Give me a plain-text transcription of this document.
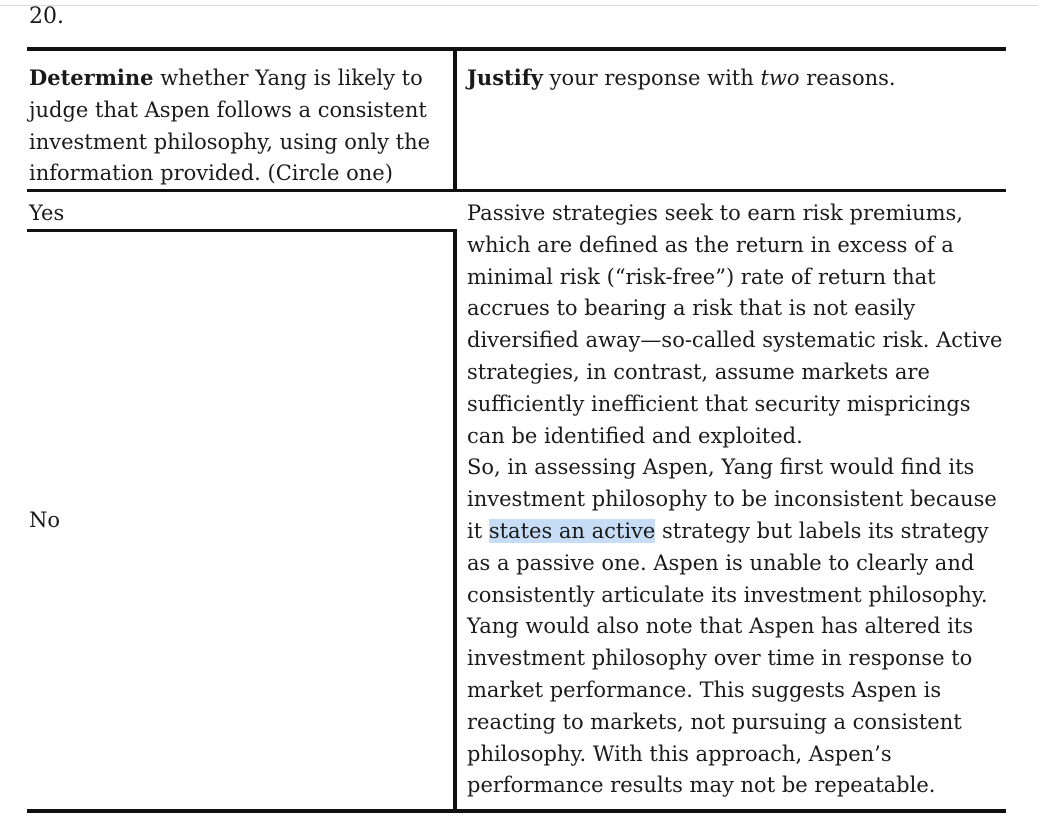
20.
Determine whether Yang is likely to judge that Aspen follows a consistent investment philosophy, using only the information provided. (Circle one)
Justify your response with two reasons.
Yes
No
Passive strategies seek to earn risk premiums, which are defined as the return in excess of a minimal risk (“risk-free”) rate of return that accrues to bearing a risk that is not easily diversified away—so-called systematic risk. Active strategies, in contrast, assume markets are sufficiently inefficient that security mispricings can be identified and exploited.
So, in assessing Aspen, Yang first would find its investment philosophy to be inconsistent because it states an active strategy but labels its strategy as a passive one. Aspen is unable to clearly and consistently articulate its investment philosophy.
Yang would also note that Aspen has altered its investment philosophy over time in response to market performance. This suggests Aspen is reacting to markets, not pursuing a consistent philosophy. With this approach, Aspen’s performance results may not be repeatable.
